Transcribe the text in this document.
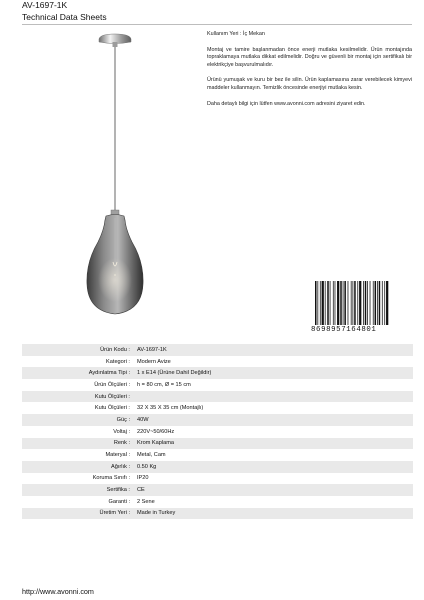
AV-1697-1K
Technical Data Sheets
Kullanım Yeri : İç Mekan

Montaj ve tamire başlanmadan önce enerji mutlaka kesilmelidir. Ürün montajında topraklamaya mutlaka dikkat edilmelidir. Doğru ve güvenli bir montaj için sertifikalı bir elektrikçiye başvurulmalıdır.

Ürünü yumuşak ve kuru bir bez ile silin. Ürün kaplamasına zarar verebilecek kimyevi maddeler kullanmayın. Temizlik öncesinde enerjiyi mutlaka kesin.

Daha detaylı bilgi için lütfen www.avonni.com adresini ziyaret edin.

8698957164801
Ürün Kodu :	AV-1697-1K
Kategori :	Modern Avize
Aydınlatma Tipi :	1 x E14 (Ürüne Dahil Değildir)
Ürün Ölçüleri :	h = 80 cm, Ø = 15 cm
Kutu Ölçüleri :
Kutu Ölçüleri :	32 X 35 X 35 cm (Montajlı)
Güç :	40W
Voltaj :	220V~50/60Hz
Renk :	Krom Kaplama
Materyal :	Metal, Cam
Ağırlık :	0.50 Kg
Koruma Sınıfı :	IP20
Sertifika :	CE
Garanti :	2 Sene
Üretim Yeri :	Made in Turkey
http://www.avonni.com
